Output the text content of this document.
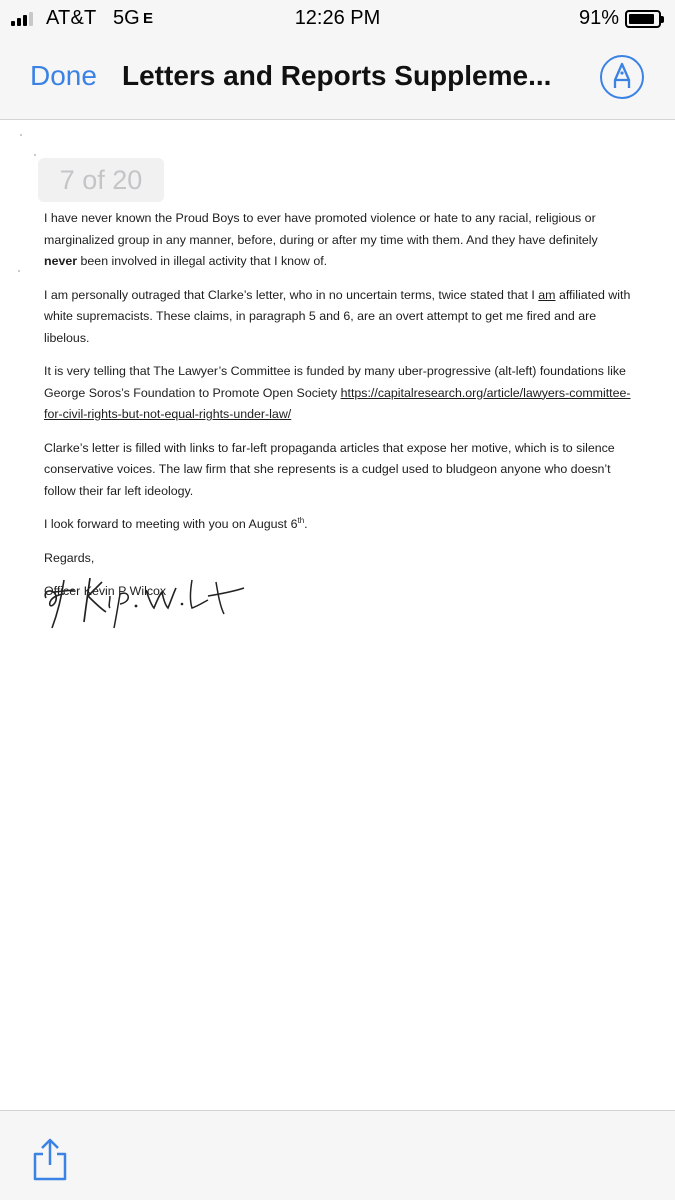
AT&T 5G E	12:26 PM	91%
Done Letters and Reports Suppleme...
7 of 20

I have never known the Proud Boys to ever have promoted violence or hate to any racial, religious or marginalized group in any manner, before, during or after my time with them. And they have definitely never been involved in illegal activity that I know of.

I am personally outraged that Clarke’s letter, who in no uncertain terms, twice stated that I am affiliated with white supremacists. These claims, in paragraph 5 and 6, are an overt attempt to get me fired and are libelous.

It is very telling that The Lawyer’s Committee is funded by many uber-progressive (alt-left) foundations like George Soros’s Foundation to Promote Open Society https://capitalresearch.org/article/lawyers-committee-for-civil-rights-but-not-equal-rights-under-law/

Clarke’s letter is filled with links to far-left propaganda articles that expose her motive, which is to silence conservative voices. The law firm that she represents is a cudgel used to bludgeon anyone who doesn’t follow their far left ideology.

I look forward to meeting with you on August 6th.

Regards,

Officer Kevin P Wilcox
